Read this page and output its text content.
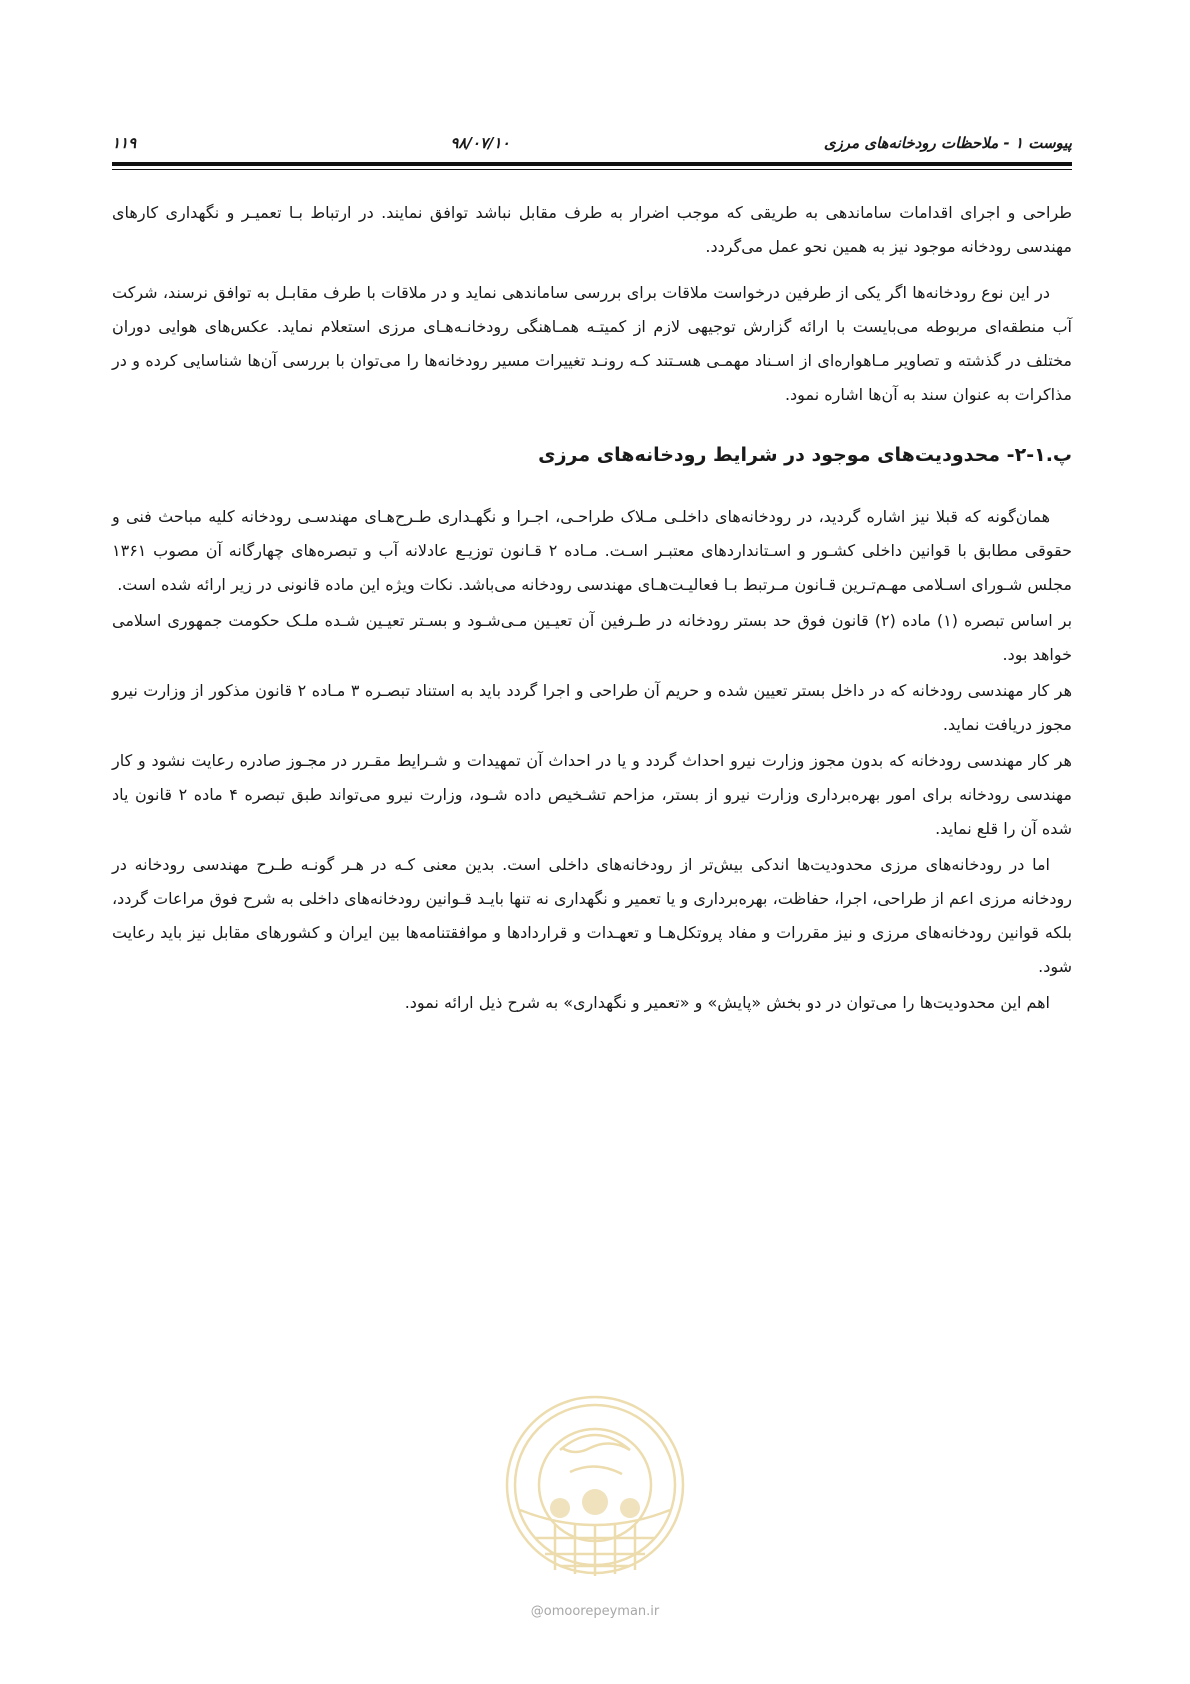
پیوست ۱ - ملاحظات رودخانه‌های مرزی
۹۸/۰۷/۱۰
۱۱۹

طراحی و اجرای اقدامات ساماندهی به طریقی که موجب اضرار به طرف مقابل نباشد توافق نمایند. در ارتباط بـا تعمیـر و نگهداری کارهای مهندسی رودخانه موجود نیز به همین نحو عمل می‌گردد.

در این نوع رودخانه‌ها اگر یکی از طرفین درخواست ملاقات برای بررسی ساماندهی نماید و در ملاقات با طرف مقابـل به توافق نرسند، شرکت آب منطقه‌ای مربوطه می‌بایست با ارائه گزارش توجیهی لازم از کمیتـه همـاهنگی رودخانـه‌هـای مرزی استعلام نماید. عکس‌های هوایی دوران مختلف در گذشته و تصاویر مـاهواره‌ای از اسـناد مهمـی هسـتند کـه رونـد تغییرات مسیر رودخانه‌ها را می‌توان با بررسی آن‌ها شناسایی کرده و در مذاکرات به عنوان سند به آن‌ها اشاره نمود.

پ.۱-۲- محدودیت‌های موجود در شرایط رودخانه‌های مرزی

همان‌گونه که قبلا نیز اشاره گردید، در رودخانه‌های داخلـی مـلاک طراحـی، اجـرا و نگهـداری طـرح‌هـای مهندسـی رودخانه کلیه مباحث فنی و حقوقی مطابق با قوانین داخلی کشـور و اسـتانداردهای معتبـر اسـت. مـاده ۲ قـانون توزیـع عادلانه آب و تبصره‌های چهارگانه آن مصوب ۱۳۶۱ مجلس شـورای اسـلامی مهـم‌تـرین قـانون مـرتبط بـا فعالیـت‌هـای مهندسی رودخانه می‌باشد. نکات ویژه این ماده قانونی در زیر ارائه شده است.

بر اساس تبصره (۱) ماده (۲) قانون فوق حد بستر رودخانه در طـرفین آن تعیـین مـی‌شـود و بسـتر تعیـین شـده ملـک حکومت جمهوری اسلامی خواهد بود.

هر کار مهندسی رودخانه که در داخل بستر تعیین شده و حریم آن طراحی و اجرا گردد باید به استناد تبصـره ۳ مـاده ۲ قانون مذکور از وزارت نیرو مجوز دریافت نماید.

هر کار مهندسی رودخانه که بدون مجوز وزارت نیرو احداث گردد و یا در احداث آن تمهیدات و شـرایط مقـرر در مجـوز صادره رعایت نشود و کار مهندسی رودخانه برای امور بهره‌برداری وزارت نیرو از بستر، مزاحم تشـخیص داده شـود، وزارت نیرو می‌تواند طبق تبصره ۴ ماده ۲ قانون یاد شده آن را قلع نماید.

اما در رودخانه‌های مرزی محدودیت‌ها اندکی بیش‌تر از رودخانه‌های داخلی است. بدین معنی کـه در هـر گونـه طـرح مهندسی رودخانه در رودخانه مرزی اعم از طراحی، اجرا، حفاظت، بهره‌برداری و یا تعمیر و نگهداری نه تنها بایـد قـوانین رودخانه‌های داخلی به شرح فوق مراعات گردد، بلکه قوانین رودخانه‌های مرزی و نیز مقررات و مفاد پروتکل‌هـا و تعهـدات و قراردادها و موافقتنامه‌ها بین ایران و کشورهای مقابل نیز باید رعایت شود.

اهم این محدودیت‌ها را می‌توان در دو بخش «پایش» و «تعمیر و نگهداری» به شرح ذیل ارائه نمود.

@omoorepeyman.ir
